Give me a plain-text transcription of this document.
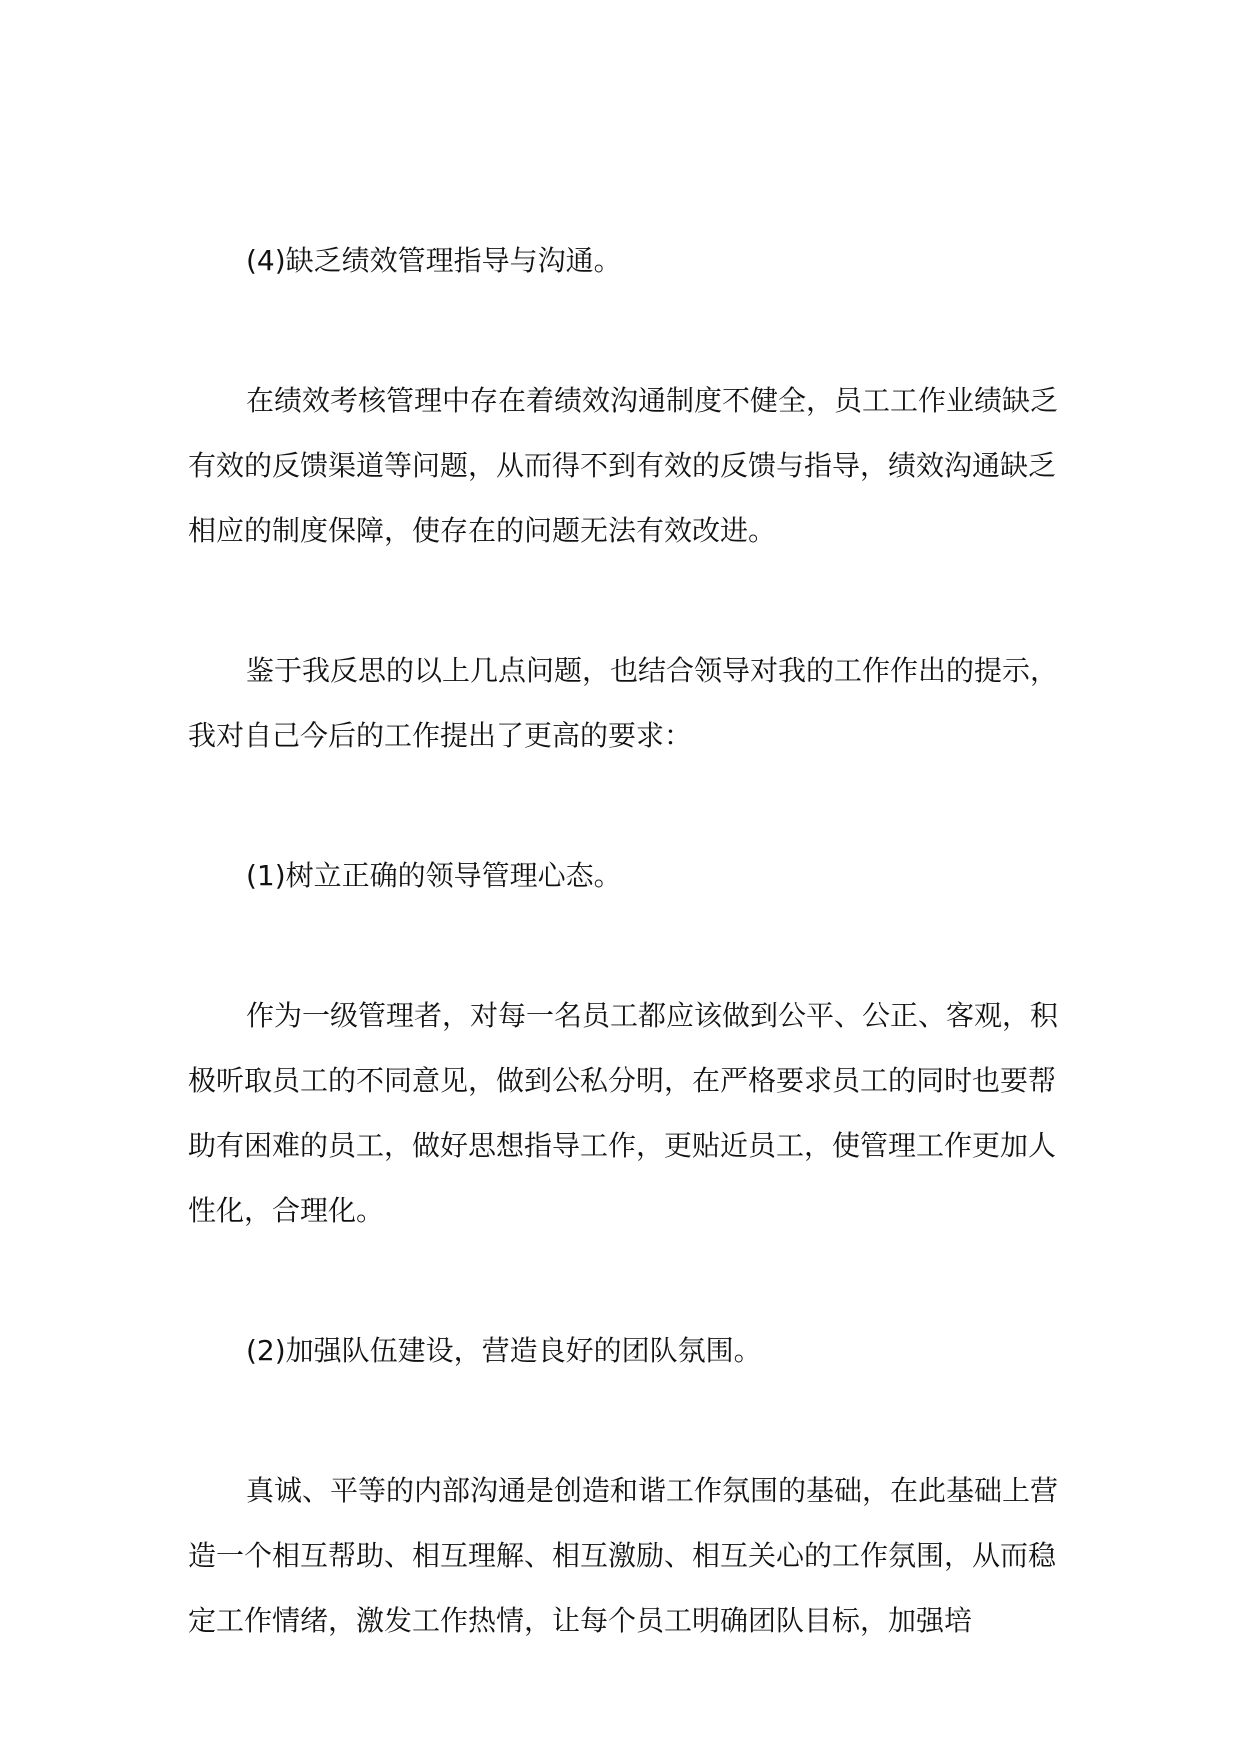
(4)缺乏绩效管理指导与沟通。

在绩效考核管理中存在着绩效沟通制度不健全，员工工作业绩缺乏有效的反馈渠道等问题，从而得不到有效的反馈与指导，绩效沟通缺乏相应的制度保障，使存在的问题无法有效改进。

鉴于我反思的以上几点问题，也结合领导对我的工作作出的提示，我对自己今后的工作提出了更高的要求：

(1)树立正确的领导管理心态。

作为一级管理者，对每一名员工都应该做到公平、公正、客观，积极听取员工的不同意见，做到公私分明，在严格要求员工的同时也要帮助有困难的员工，做好思想指导工作，更贴近员工，使管理工作更加人性化，合理化。

(2)加强队伍建设，营造良好的团队氛围。

真诚、平等的内部沟通是创造和谐工作氛围的基础，在此基础上营造一个相互帮助、相互理解、相互激励、相互关心的工作氛围，从而稳定工作情绪，激发工作热情，让每个员工明确团队目标，加强培
